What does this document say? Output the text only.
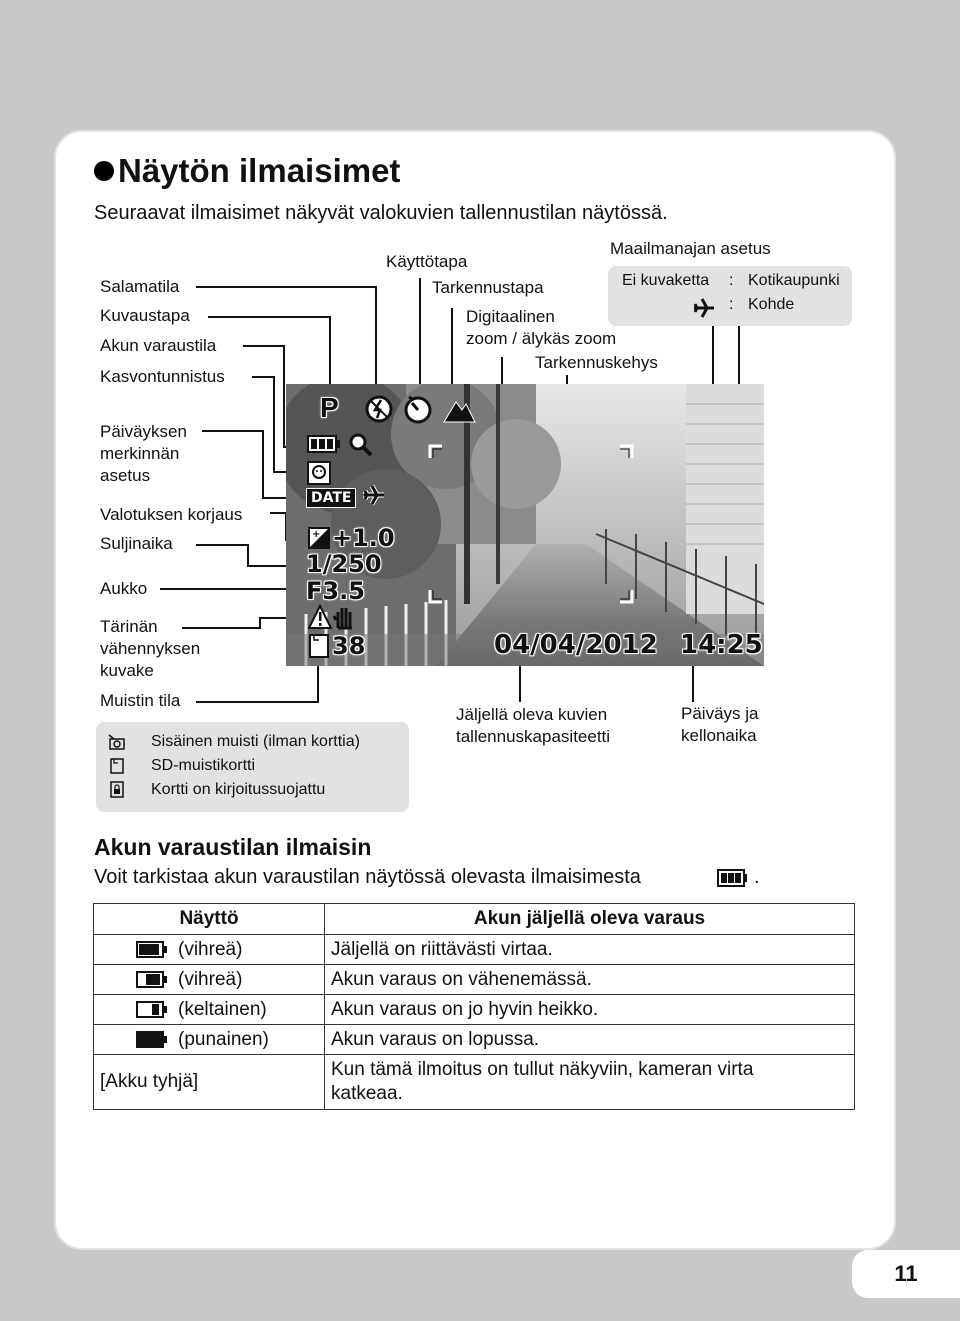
Näytön ilmaisimet
Seuraavat ilmaisimet näkyvät valokuvien tallennustilan näytössä.
Salamatila
Kuvaustapa
Akun varaustila
Kasvontunnistus
Päiväyksen
merkinnän
asetus
Valotuksen korjaus
Suljinaika
Aukko
Tärinän
vähennyksen
kuvake
Muistin tila
Käyttötapa
Tarkennustapa
Digitaalinen
zoom / älykäs zoom
Tarkennuskehys
Maailmanajan asetus
Ei kuvaketta : Kotikaupunki
: Kohde
P
DATE
+ +1.0
1/250
F3.5
38	04/04/2012 14:25
Jäljellä oleva kuvien
tallennuskapasiteetti
Päiväys ja
kellonaika
Sisäinen muisti (ilman korttia)
SD-muistikortti
Kortti on kirjoitussuojattu
Akun varaustilan ilmaisin
Voit tarkistaa akun varaustilan näytössä olevasta ilmaisimesta	.
Näyttö	Akun jäljellä oleva varaus

(vihreä)	Jäljellä on riittävästi virtaa.

(vihreä)	Akun varaus on vähenemässä.

(keltainen)	Akun varaus on jo hyvin heikko.
(punainen)	Akun varaus on lopussa.
[Akku tyhjä]	Kun tämä ilmoitus on tullut näkyviin, kameran virta
katkeaa.
11
